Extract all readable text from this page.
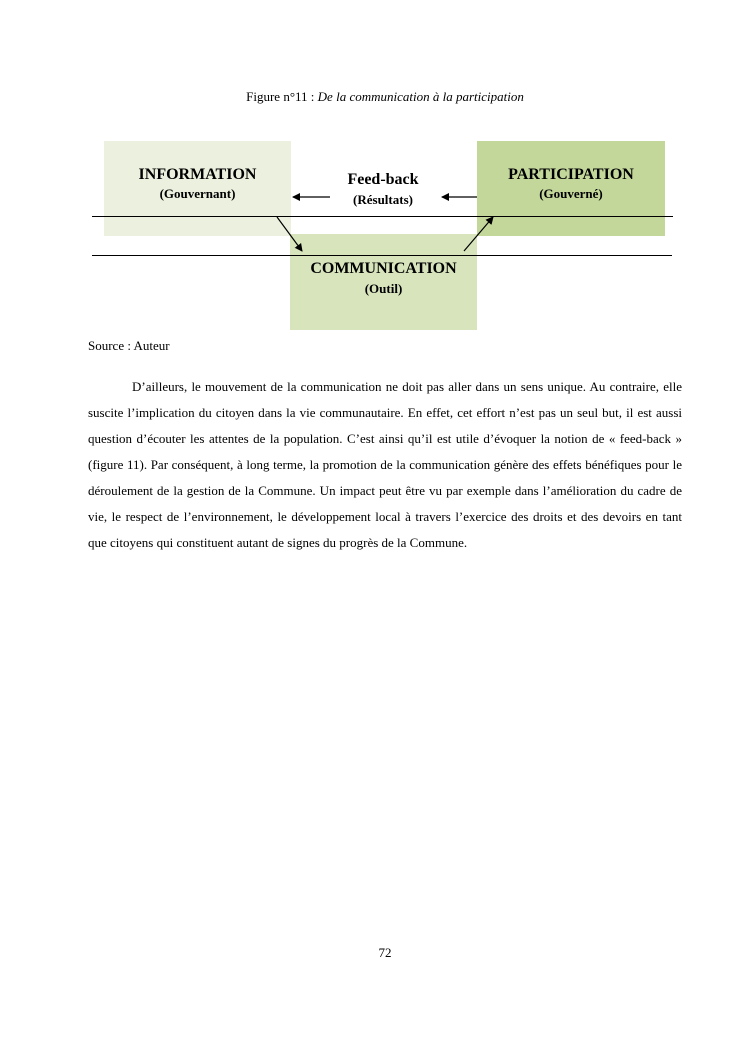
Figure n°11 : De la communication à la participation
INFORMATION
(Gouvernant)
PARTICIPATION
(Gouverné)
Feed-back
(Résultats)
COMMUNICATION
(Outil)
Source : Auteur
D’ailleurs, le mouvement de la communication ne doit pas aller dans un sens unique. Au contraire, elle suscite l’implication du citoyen dans la vie communautaire. En effet, cet effort n’est pas un seul but, il est aussi question d’écouter les attentes de la population. C’est ainsi qu’il est utile d’évoquer la notion de « feed-back » (figure 11). Par conséquent, à long terme, la promotion de la communication génère des effets bénéfiques pour le déroulement de la gestion de la Commune. Un impact peut être vu par exemple dans l’amélioration du cadre de vie, le respect de l’environnement, le développement local à travers l’exercice des droits et des devoirs en tant que citoyens qui constituent autant de signes du progrès de la Commune.
72
